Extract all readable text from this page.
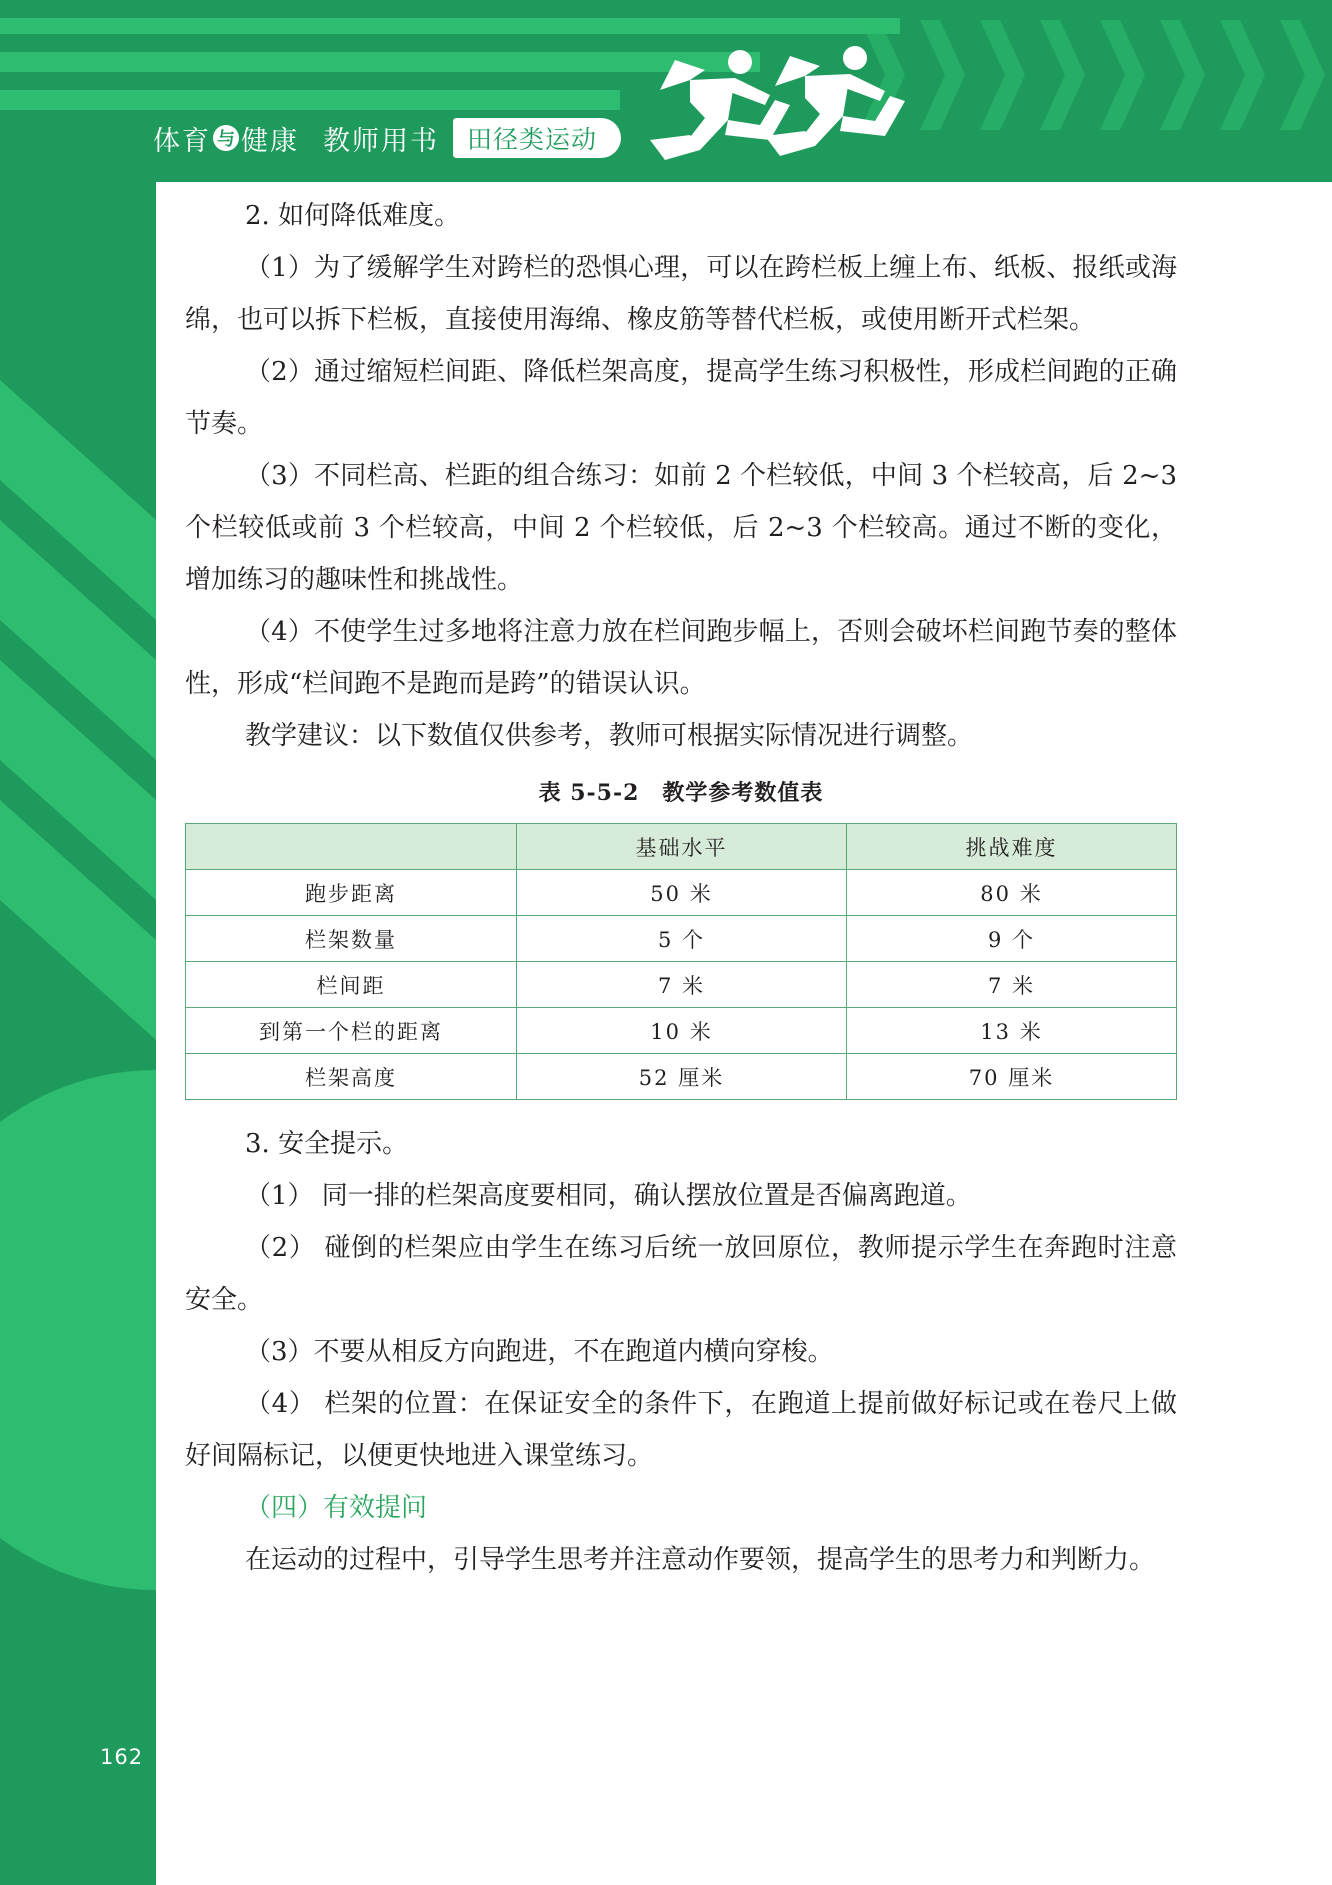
体育 与 健康 教师用书	田径类运动
162

2. 如何降低难度。

（1）为了缓解学生对跨栏的恐惧心理，可以在跨栏板上缠上布、纸板、报纸或海绵，也可以拆下栏板，直接使用海绵、橡皮筋等替代栏板，或使用断开式栏架。

（2）通过缩短栏间距、降低栏架高度，提高学生练习积极性，形成栏间跑的正确节奏。

（3）不同栏高、栏距的组合练习：如前 2 个栏较低，中间 3 个栏较高，后 2~3 个栏较低或前 3 个栏较高，中间 2 个栏较低，后 2~3 个栏较高。通过不断的变化，增加练习的趣味性和挑战性。

（4）不使学生过多地将注意力放在栏间跑步幅上，否则会破坏栏间跑节奏的整体性，形成“栏间跑不是跑而是跨”的错误认识。

教学建议：以下数值仅供参考，教师可根据实际情况进行调整。

表 5-5-2　教学参考数值表
	基础水平	挑战难度
跑步距离	50 米	80 米
栏架数量	5 个	9 个
栏间距	7 米	7 米
到第一个栏的距离	10 米	13 米
栏架高度	52 厘米	70 厘米

3. 安全提示。

（1） 同一排的栏架高度要相同，确认摆放位置是否偏离跑道。

（2） 碰倒的栏架应由学生在练习后统一放回原位，教师提示学生在奔跑时注意安全。

（3）不要从相反方向跑进，不在跑道内横向穿梭。

（4） 栏架的位置：在保证安全的条件下，在跑道上提前做好标记或在卷尺上做好间隔标记，以便更快地进入课堂练习。

（四）有效提问

在运动的过程中，引导学生思考并注意动作要领，提高学生的思考力和判断力。
